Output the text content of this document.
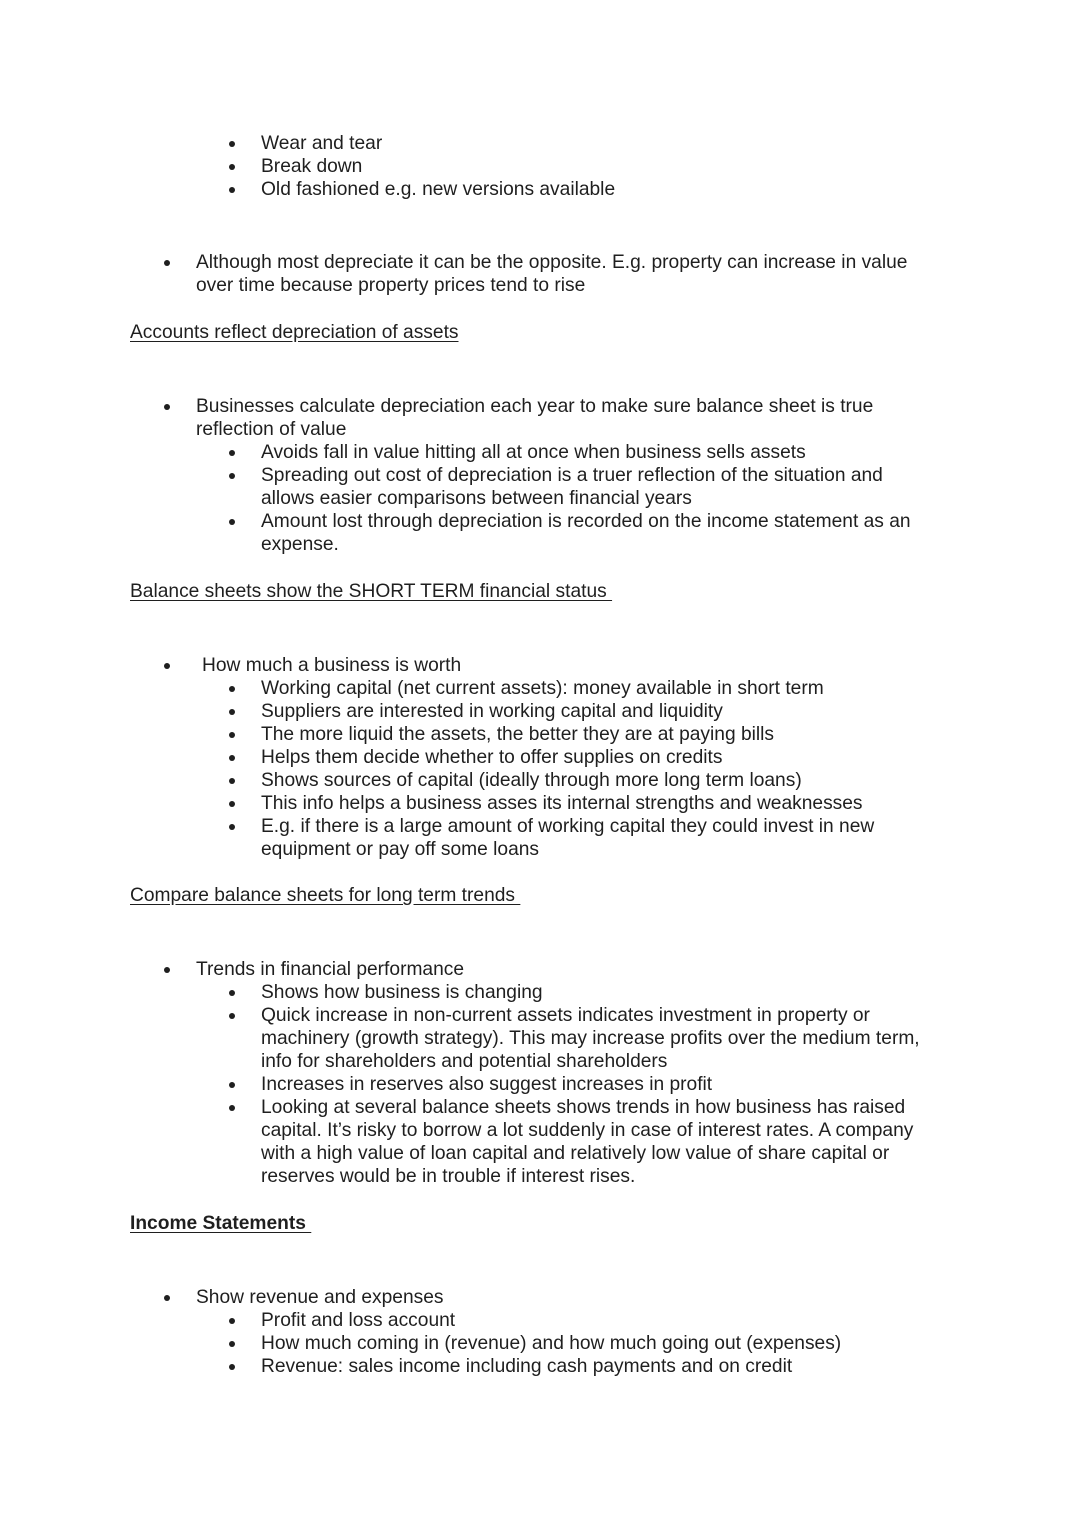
Wear and tear
Break down
Old fashioned e.g. new versions available
Although most depreciate it can be the opposite. E.g. property can increase in value
over time because property prices tend to rise
Accounts reflect depreciation of assets
Businesses calculate depreciation each year to make sure balance sheet is true
reflection of value
Avoids fall in value hitting all at once when business sells assets
Spreading out cost of depreciation is a truer reflection of the situation and
allows easier comparisons between financial years
Amount lost through depreciation is recorded on the income statement as an
expense.
Balance sheets show the SHORT TERM financial status
How much a business is worth
Working capital (net current assets): money available in short term
Suppliers are interested in working capital and liquidity
The more liquid the assets, the better they are at paying bills
Helps them decide whether to offer supplies on credits
Shows sources of capital (ideally through more long term loans)
This info helps a business asses its internal strengths and weaknesses
E.g. if there is a large amount of working capital they could invest in new
equipment or pay off some loans
Compare balance sheets for long term trends
Trends in financial performance
Shows how business is changing
Quick increase in non-current assets indicates investment in property or
machinery (growth strategy). This may increase profits over the medium term,
info for shareholders and potential shareholders
Increases in reserves also suggest increases in profit
Looking at several balance sheets shows trends in how business has raised
capital. It’s risky to borrow a lot suddenly in case of interest rates. A company
with a high value of loan capital and relatively low value of share capital or
reserves would be in trouble if interest rises.
Income Statements
Show revenue and expenses
Profit and loss account
How much coming in (revenue) and how much going out (expenses)
Revenue: sales income including cash payments and on credit
